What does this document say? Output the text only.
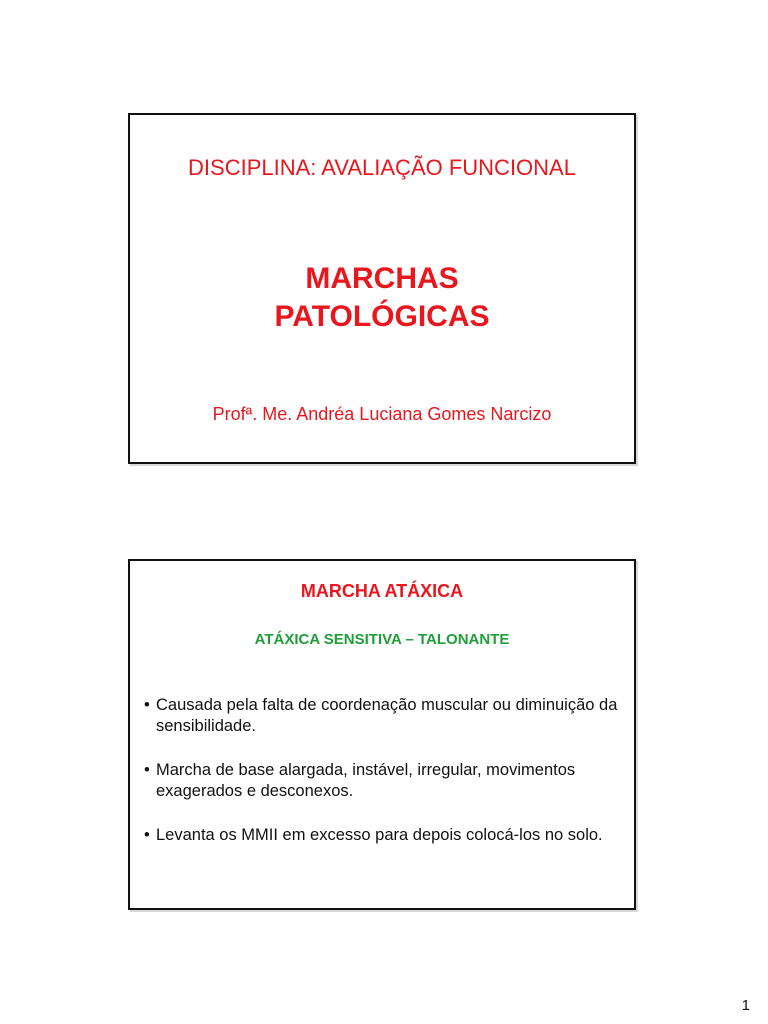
DISCIPLINA: AVALIAÇÃO FUNCIONAL
MARCHAS
PATOLÓGICAS
Profª. Me. Andréa Luciana Gomes Narcizo
MARCHA ATÁXICA
ATÁXICA SENSITIVA – TALONANTE
• Causada pela falta de coordenação muscular ou diminuição da sensibilidade.
• Marcha de base alargada, instável, irregular, movimentos exagerados e desconexos.
• Levanta os MMII em excesso para depois colocá-los no solo.
1
